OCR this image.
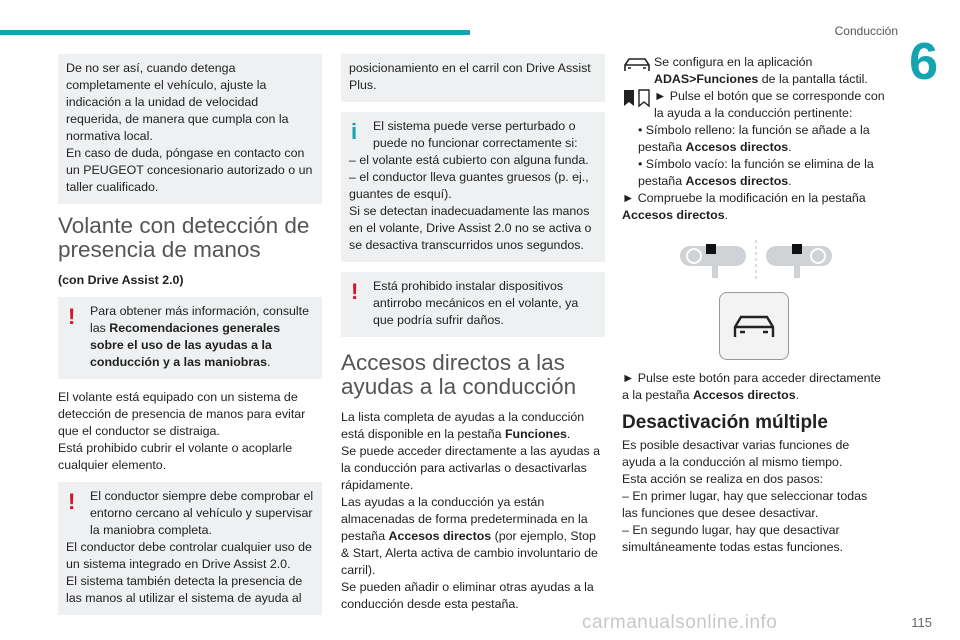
Conducción
6

De no ser así, cuando detenga completamente el vehículo, ajuste la indicación a la unidad de velocidad requerida, de manera que cumpla con la normativa local.

En caso de duda, póngase en contacto con un PEUGEOT concesionario autorizado o un taller cualificado.

Volante con detección de presencia de manos

(con Drive Assist 2.0)

!	Para obtener más información, consulte las Recomendaciones generales sobre el uso de las ayudas a la conducción y a las maniobras.

El volante está equipado con un sistema de detección de presencia de manos para evitar que el conductor se distraiga.

Está prohibido cubrir el volante o acoplarle cualquier elemento.

!	El conductor siempre debe comprobar el entorno cercano al vehículo y supervisar la maniobra completa.

El conductor debe controlar cualquier uso de un sistema integrado en Drive Assist 2.0.

El sistema también detecta la presencia de las manos al utilizar el sistema de ayuda al

posicionamiento en el carril con Drive Assist Plus.

i	El sistema puede verse perturbado o puede no funcionar correctamente si:

– el volante está cubierto con alguna funda.

– el conductor lleva guantes gruesos (p. ej., guantes de esquí).

Si se detectan inadecuadamente las manos en el volante, Drive Assist 2.0 no se activa o se desactiva transcurridos unos segundos.

!	Está prohibido instalar dispositivos antirrobo mecánicos en el volante, ya que podría sufrir daños.

Accesos directos a las ayudas a la conducción

La lista completa de ayudas a la conducción está disponible en la pestaña Funciones.

Se puede acceder directamente a las ayudas a la conducción para activarlas o desactivarlas rápidamente.

Las ayudas a la conducción ya están almacenadas de forma predeterminada en la pestaña Accesos directos (por ejemplo, Stop & Start, Alerta activa de cambio involuntario de carril).

Se pueden añadir o eliminar otras ayudas a la conducción desde esta pestaña.

Se configura en la aplicación ADAS>Funciones de la pantalla táctil.

► Pulse el botón que se corresponde con la ayuda a la conducción pertinente:

• Símbolo relleno: la función se añade a la pestaña Accesos directos.

• Símbolo vacío: la función se elimina de la pestaña Accesos directos.

► Compruebe la modificación en la pestaña Accesos directos.

► Pulse este botón para acceder directamente a la pestaña Accesos directos.

Desactivación múltiple

Es posible desactivar varias funciones de ayuda a la conducción al mismo tiempo.

Esta acción se realiza en dos pasos:

– En primer lugar, hay que seleccionar todas las funciones que desee desactivar.

– En segundo lugar, hay que desactivar simultáneamente todas estas funciones.

carmanualsonline.info	115
